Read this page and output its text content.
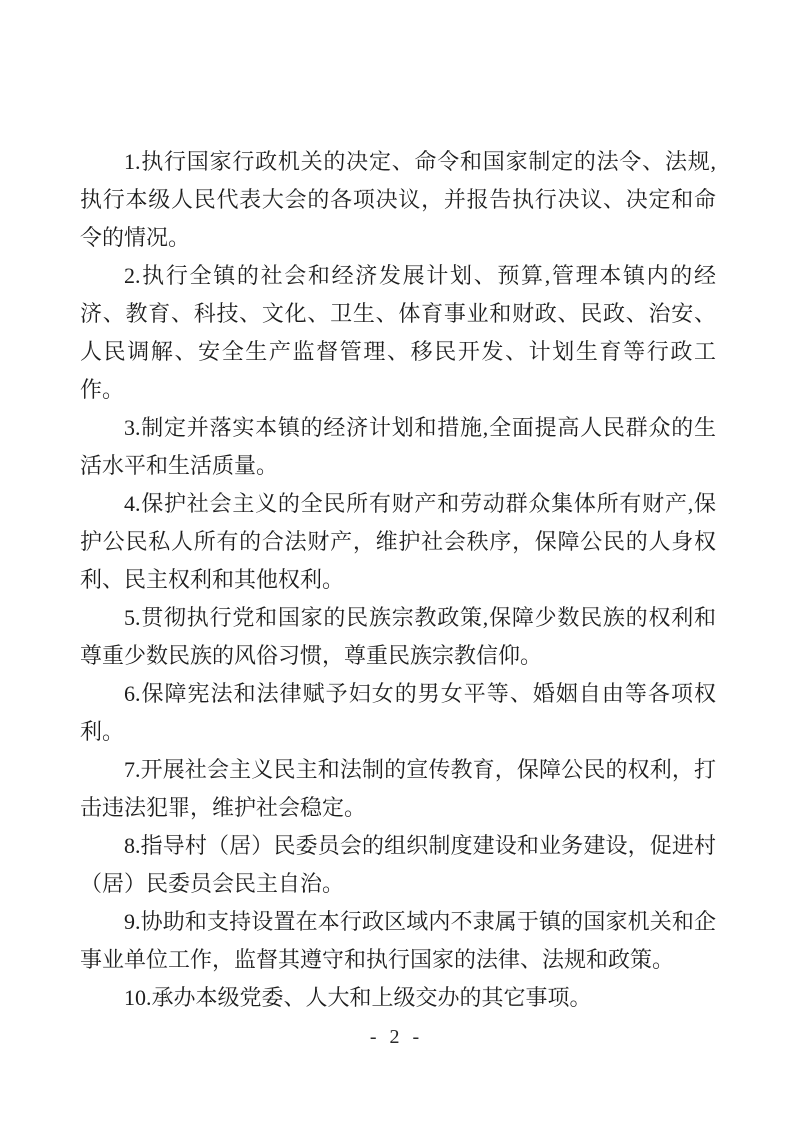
1.执行国家行政机关的决定、命令和国家制定的法令、法规,执行本级人民代表大会的各项决议，并报告执行决议、决定和命令的情况。

2.执行全镇的社会和经济发展计划、预算,管理本镇内的经济、教育、科技、文化、卫生、体育事业和财政、民政、治安、人民调解、安全生产监督管理、移民开发、计划生育等行政工作。

3.制定并落实本镇的经济计划和措施,全面提高人民群众的生活水平和生活质量。

4.保护社会主义的全民所有财产和劳动群众集体所有财产,保护公民私人所有的合法财产，维护社会秩序，保障公民的人身权利、民主权利和其他权利。

5.贯彻执行党和国家的民族宗教政策,保障少数民族的权利和尊重少数民族的风俗习惯，尊重民族宗教信仰。

6.保障宪法和法律赋予妇女的男女平等、婚姻自由等各项权利。

7.开展社会主义民主和法制的宣传教育，保障公民的权利，打击违法犯罪，维护社会稳定。

8.指导村（居）民委员会的组织制度建设和业务建设，促进村（居）民委员会民主自治。

9.协助和支持设置在本行政区域内不隶属于镇的国家机关和企事业单位工作，监督其遵守和执行国家的法律、法规和政策。

10.承办本级党委、人大和上级交办的其它事项。

- 2 -
